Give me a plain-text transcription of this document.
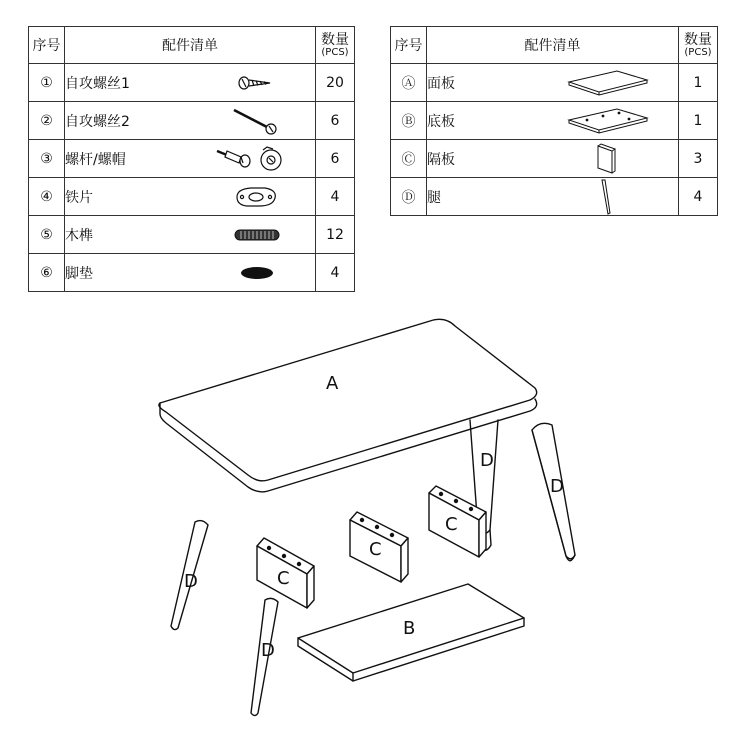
D
A
D
C
C
C
D
B
D
序号	配件清单	数量
(PCS)

①	自攻螺丝1	20
②	自攻螺丝2	6
③	螺杆/螺帽	6
④	铁片	4
⑤	木榫	12
⑥	脚垫	4
序号	配件清单	数量
(PCS)

Ⓐ	面板	1
Ⓑ	底板	1
Ⓒ	隔板	3
Ⓓ	腿	4
